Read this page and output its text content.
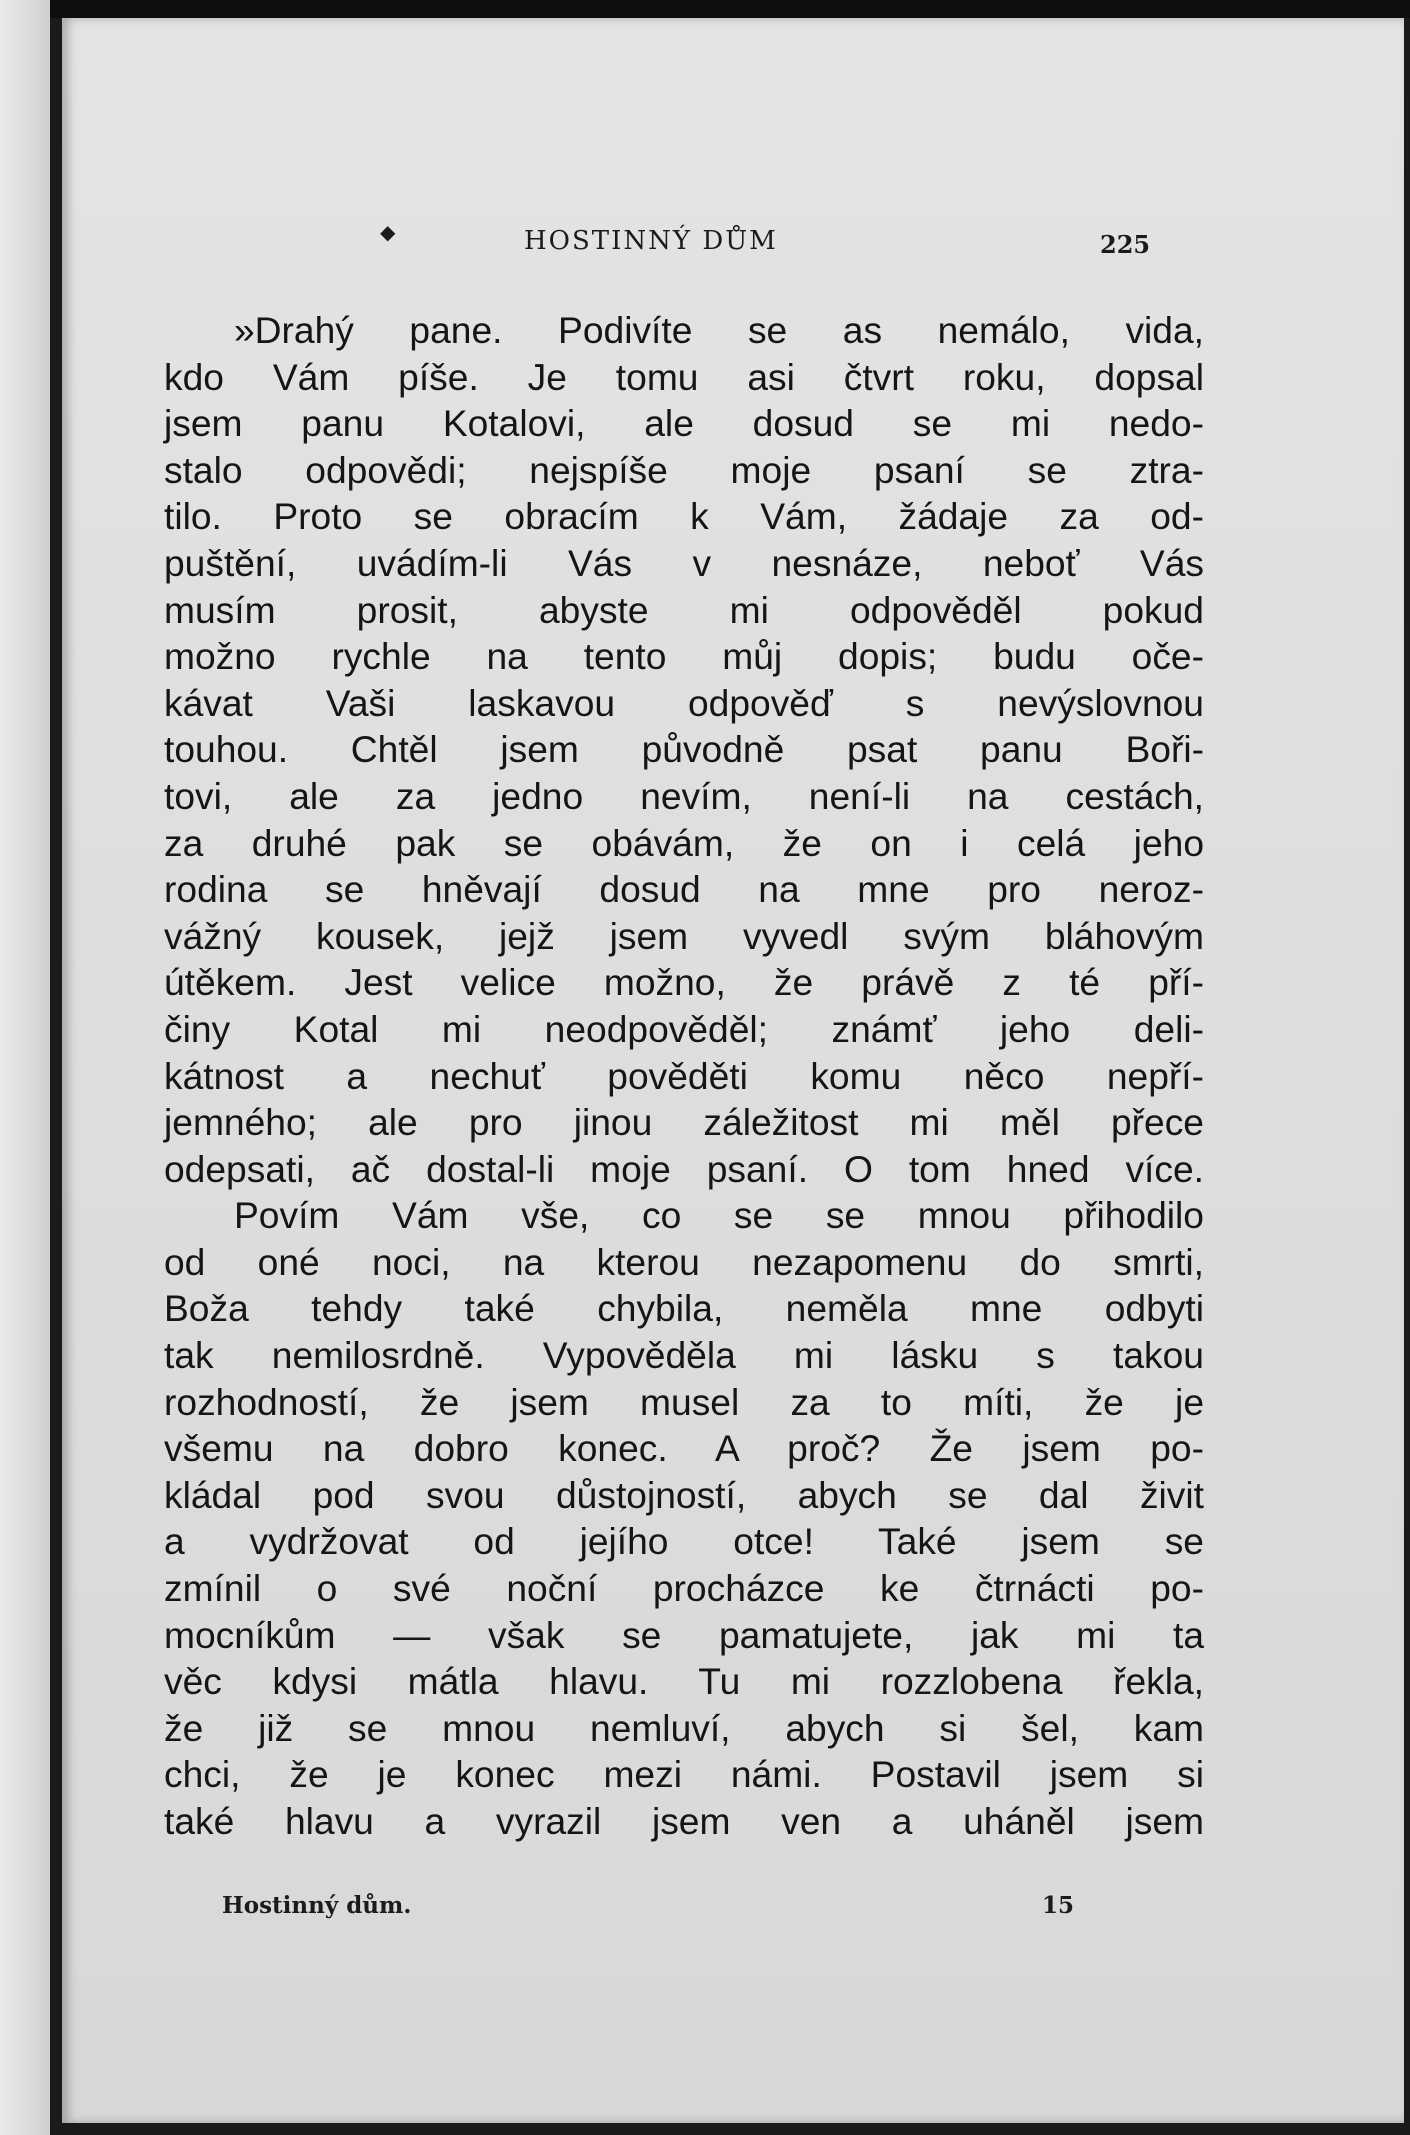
◆	HOSTINNÝ DŮM	225
»Drahý pane. Podivíte se as nemálo, vida,
kdo Vám píše. Je tomu asi čtvrt roku, dopsal
jsem panu Kotalovi, ale dosud se mi nedo-
stalo odpovědi; nejspíše moje psaní se ztra-
tilo. Proto se obracím k Vám, žádaje za od-
puštění, uvádím-li Vás v nesnáze, neboť Vás
musím prosit, abyste mi odpověděl pokud
možno rychle na tento můj dopis; budu oče-
kávat Vaši laskavou odpověď s nevýslovnou
touhou. Chtěl jsem původně psat panu Boři-
tovi, ale za jedno nevím, není-li na cestách,
za druhé pak se obávám, že on i celá jeho
rodina se hněvají dosud na mne pro neroz-
vážný kousek, jejž jsem vyvedl svým bláhovým
útěkem. Jest velice možno, že právě z té pří-
činy Kotal mi neodpověděl; známť jeho deli-
kátnost a nechuť pověděti komu něco nepří-
jemného; ale pro jinou záležitost mi měl přece
odepsati, ač dostal-li moje psaní. O tom hned více.
Povím Vám vše, co se se mnou přihodilo
od oné noci, na kterou nezapomenu do smrti,
Boža tehdy také chybila, neměla mne odbyti
tak nemilosrdně. Vypověděla mi lásku s takou
rozhodností, že jsem musel za to míti, že je
všemu na dobro konec. A proč? Že jsem po-
kládal pod svou důstojností, abych se dal živit
a vydržovat od jejího otce! Také jsem se
zmínil o své noční procházce ke čtrnácti po-
mocníkům — však se pamatujete, jak mi ta
věc kdysi mátla hlavu. Tu mi rozzlobena řekla,
že již se mnou nemluví, abych si šel, kam
chci, že je konec mezi námi. Postavil jsem si
také hlavu a vyrazil jsem ven a uháněl jsem
Hostinný dům.	15
